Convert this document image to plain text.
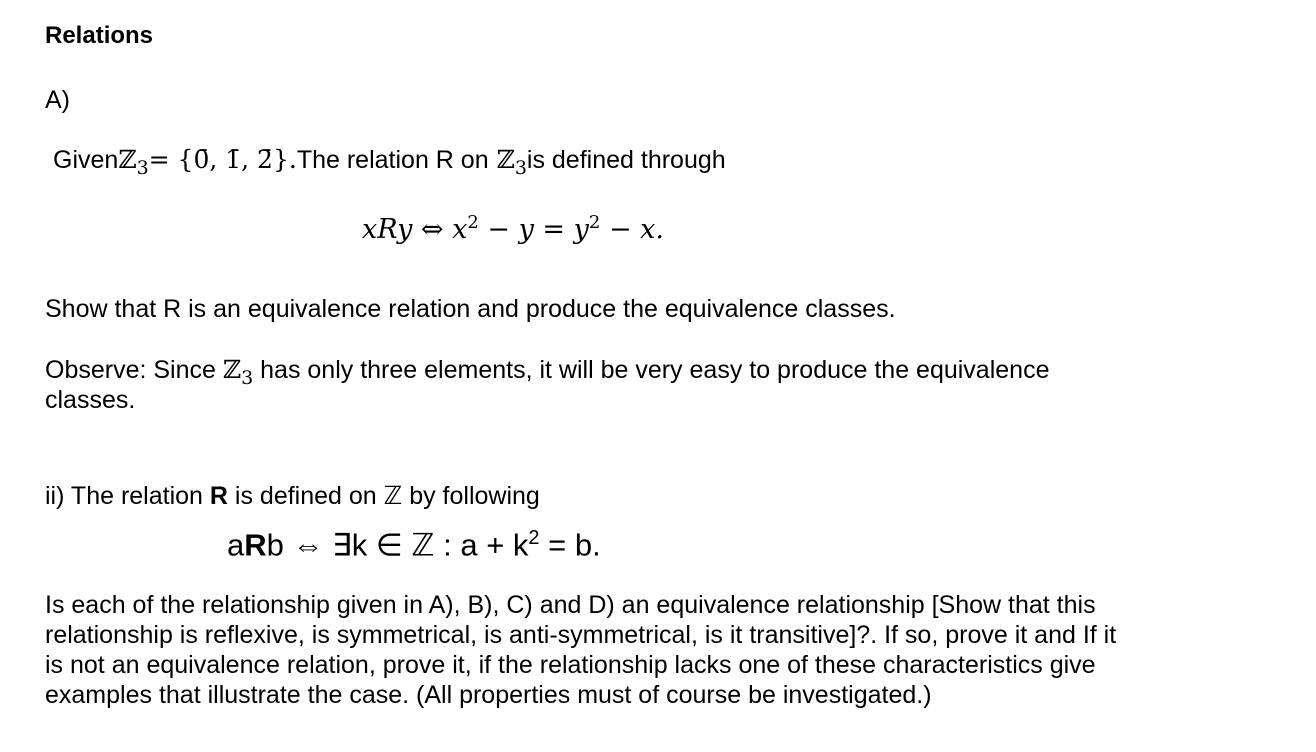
Relations
A)
Given ℤ$_3$ = {0̄, 1̄, 2̄}. The relation R on ℤ$_3$ is defined through
xRy ⇔ $x^2 - y = y^2 - x$.
Show that R is an equivalence relation and produce the equivalence classes.
Observe: Since ℤ$_3$ has only three elements, it will be very easy to produce the equivalence
classes.
ii) The relation R is defined on ℤ by following
aRb ⇔ ∃k ∈ ℤ : $a + k^2 = b$.
Is each of the relationship given in A), B), C) and D) an equivalence relationship [Show that this
relationship is reflexive, is symmetrical, is anti-symmetrical, is it transitive]?. If so, prove it and If it
is not an equivalence relation, prove it, if the relationship lacks one of these characteristics give
examples that illustrate the case. (All properties must of course be investigated.)
